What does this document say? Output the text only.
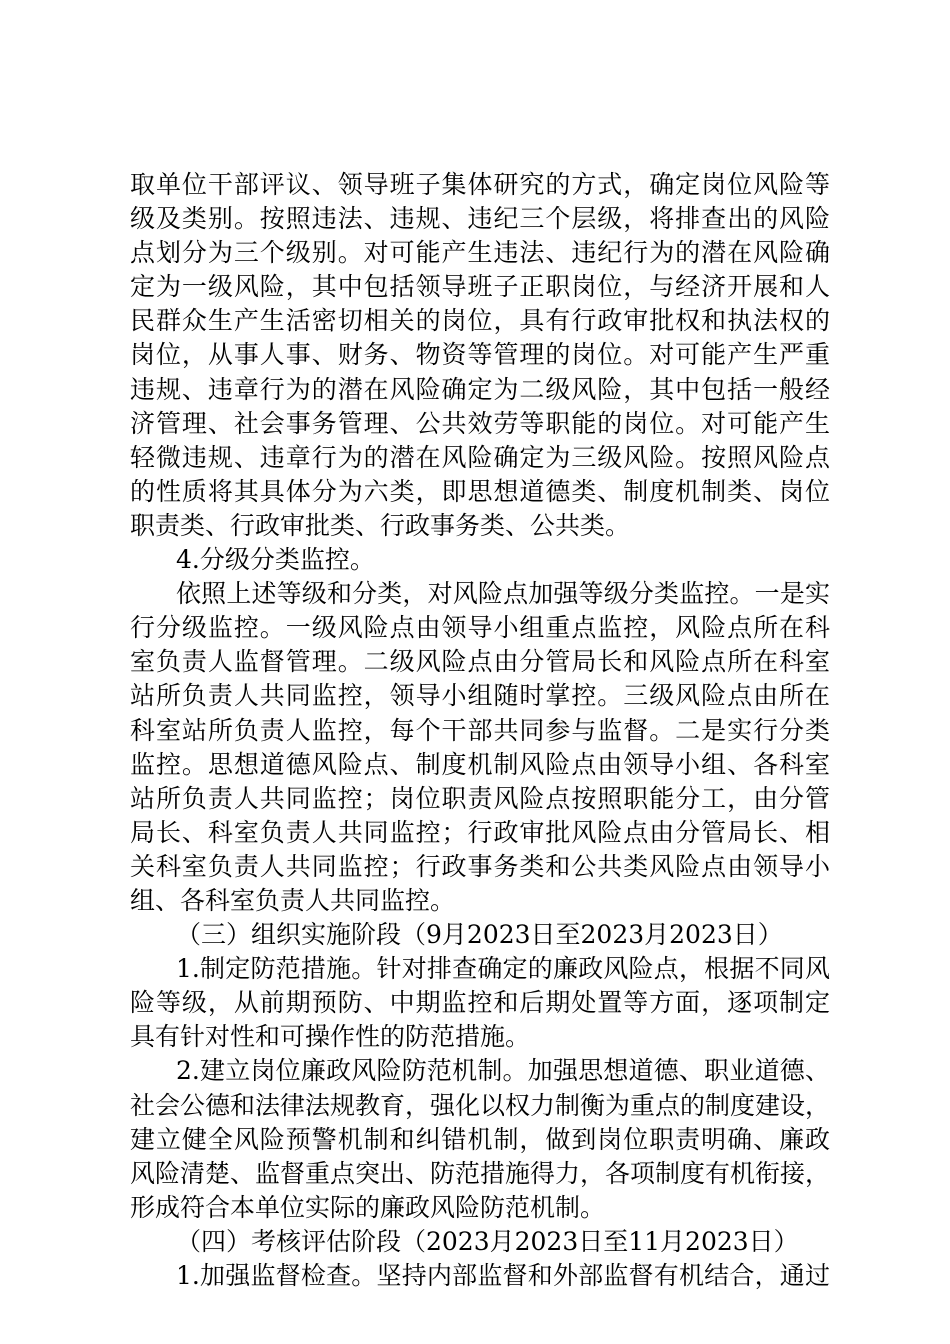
取单位干部评议、领导班子集体研究的方式，确定岗位风险等
级及类别。按照违法、违规、违纪三个层级，将排查出的风险
点划分为三个级别。对可能产生违法、违纪行为的潜在风险确
定为一级风险，其中包括领导班子正职岗位，与经济开展和人
民群众生产生活密切相关的岗位，具有行政审批权和执法权的
岗位，从事人事、财务、物资等管理的岗位。对可能产生严重
违规、违章行为的潜在风险确定为二级风险，其中包括一般经
济管理、社会事务管理、公共效劳等职能的岗位。对可能产生
轻微违规、违章行为的潜在风险确定为三级风险。按照风险点
的性质将其具体分为六类，即思想道德类、制度机制类、岗位
职责类、行政审批类、行政事务类、公共类。
4.分级分类监控。
依照上述等级和分类，对风险点加强等级分类监控。一是实
行分级监控。一级风险点由领导小组重点监控，风险点所在科
室负责人监督管理。二级风险点由分管局长和风险点所在科室
站所负责人共同监控，领导小组随时掌控。三级风险点由所在
科室站所负责人监控，每个干部共同参与监督。二是实行分类
监控。思想道德风险点、制度机制风险点由领导小组、各科室
站所负责人共同监控；岗位职责风险点按照职能分工，由分管
局长、科室负责人共同监控；行政审批风险点由分管局长、相
关科室负责人共同监控；行政事务类和公共类风险点由领导小
组、各科室负责人共同监控。
（三）组织实施阶段（9月2023日至2023月2023日）
1.制定防范措施。针对排查确定的廉政风险点，根据不同风
险等级，从前期预防、中期监控和后期处置等方面，逐项制定
具有针对性和可操作性的防范措施。
2.建立岗位廉政风险防范机制。加强思想道德、职业道德、
社会公德和法律法规教育，强化以权力制衡为重点的制度建设，
建立健全风险预警机制和纠错机制，做到岗位职责明确、廉政
风险清楚、监督重点突出、防范措施得力，各项制度有机衔接，
形成符合本单位实际的廉政风险防范机制。
（四）考核评估阶段（2023月2023日至11月2023日）
1.加强监督检查。坚持内部监督和外部监督有机结合，通过
